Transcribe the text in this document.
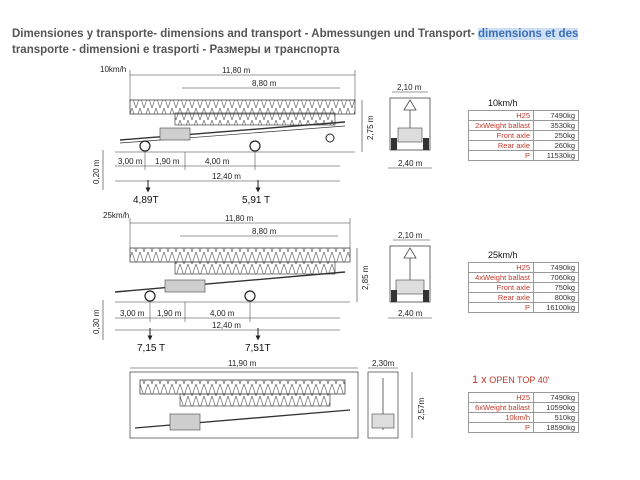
Dimensiones y transporte- dimensions and transport - Abmessungen und Transport- dimensions et des transporte - dimensioni e trasporti - Размеры и транспорта
10km/h	11,80 m
8,80 m
2,75 m
0,20 m 3,00 m 1,90 m	4,00 m
12,40 m
4,89T	5,91 T
2,10 m
2,40 m
25km/h	11,80 m
8,80 m
2,85 m
0,30 m 3,00 m 1,90 m	4,00 m
12,40 m
7,15 T	7,51T
2,10 m
2,40 m
11,90 m	2,30m
2,57m
10km/h
H25	7490kg
2xWeight ballast	3530kg
Front axle	250kg
Rear axle	260kg
P	11530kg
25km/h
H25	7490kg
4xWeight ballast	7060kg
Front axle	750kg
Rear axle	800kg
P	16100kg
1 x OPEN TOP 40'
H25	7490kg
6xWeight ballast	10590kg
10km/h	510kg
P	18590kg
